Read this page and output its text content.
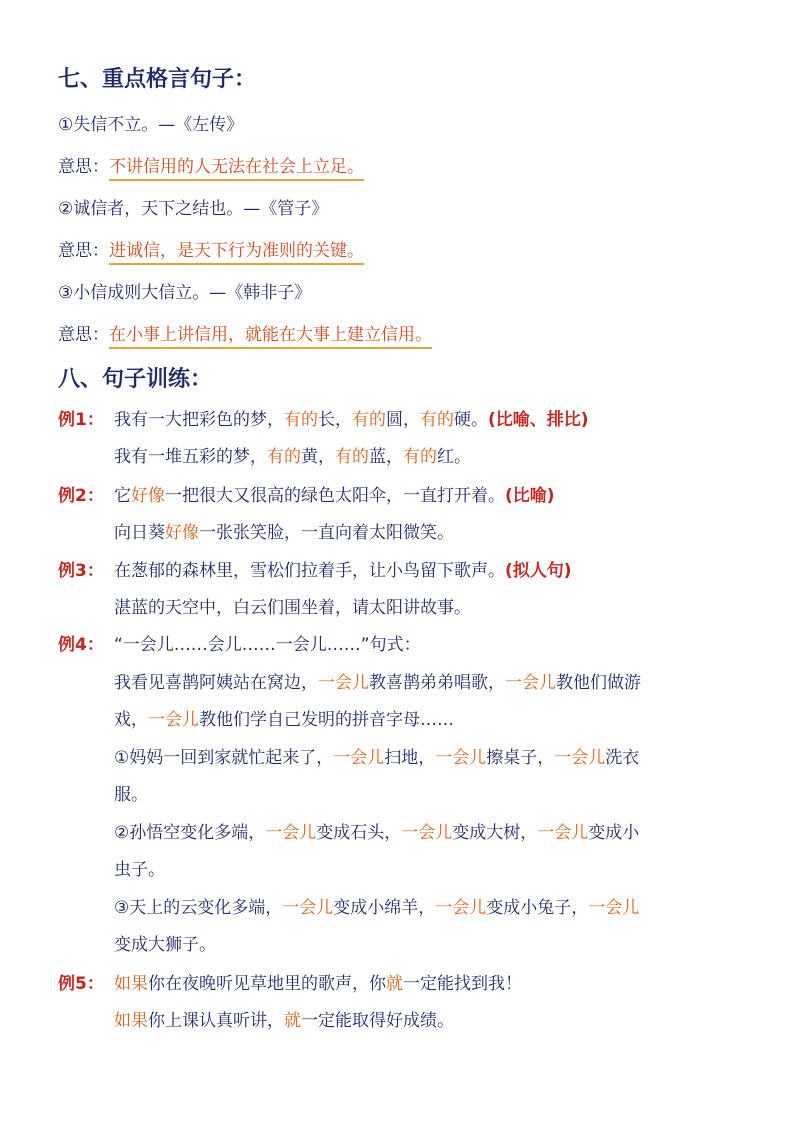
七、重点格言句子：
①失信不立。—《左传》
意思：不讲信用的人无法在社会上立足。
②诚信者，天下之结也。—《管子》
意思：进诚信，是天下行为准则的关键。
③小信成则大信立。—《韩非子》
意思：在小事上讲信用，就能在大事上建立信用。
八、句子训练：
例1： 我有一大把彩色的梦，有的长，有的圆，有的硬。(比喻、排比)
我有一堆五彩的梦，有的黄，有的蓝，有的红。
例2： 它好像一把很大又很高的绿色太阳伞，一直打开着。(比喻)
向日葵好像一张张笑脸，一直向着太阳微笑。
例3： 在葱郁的森林里，雪松们拉着手，让小鸟留下歌声。(拟人句)
湛蓝的天空中，白云们围坐着，请太阳讲故事。
例4： “一会儿……会儿……一会儿……”句式：
我看见喜鹊阿姨站在窝边，一会儿教喜鹊弟弟唱歌，一会儿教他们做游
戏，一会儿教他们学自己发明的拼音字母……
①妈妈一回到家就忙起来了，一会儿扫地，一会儿擦桌子，一会儿洗衣
服。
②孙悟空变化多端，一会儿变成石头，一会儿变成大树，一会儿变成小
虫子。
③天上的云变化多端，一会儿变成小绵羊，一会儿变成小兔子，一会儿
变成大狮子。
例5： 如果你在夜晚听见草地里的歌声，你就一定能找到我！
如果你上课认真听讲，就一定能取得好成绩。
